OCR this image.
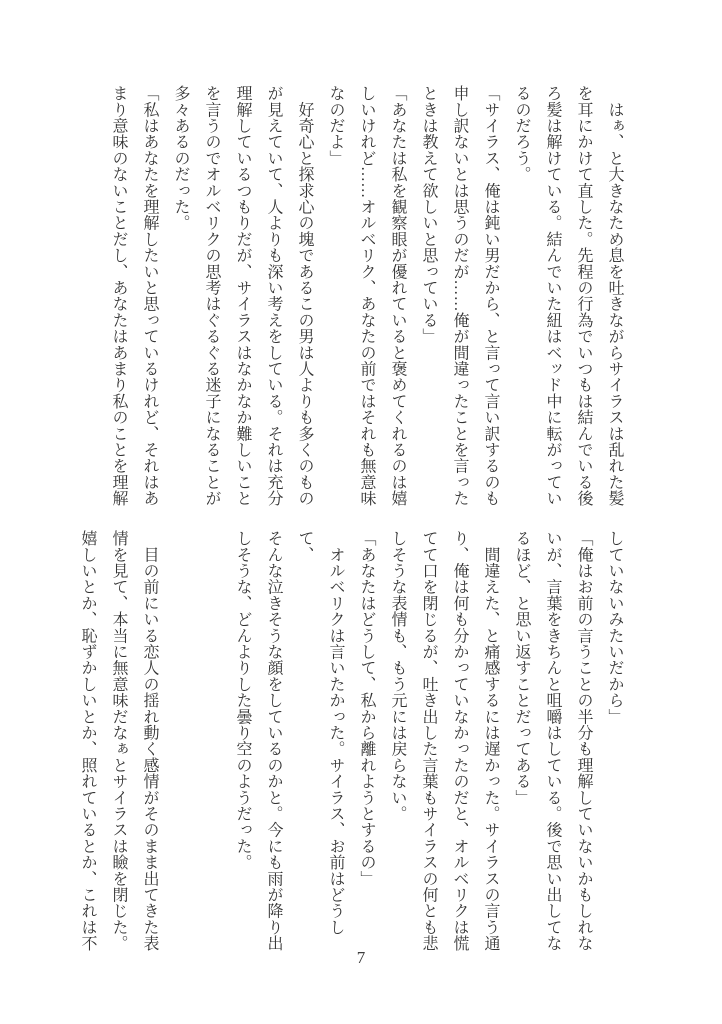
　はぁ、と大きなため息を吐きながらサイラスは乱れた髪
を耳にかけて直した。先程の行為でいつもは結んでいる後
ろ髪は解けている。結んでいた紐はベッド中に転がってい
るのだろう。
「サイラス、俺は鈍い男だから、と言って言い訳するのも
申し訳ないとは思うのだが……俺が間違ったことを言った
ときは教えて欲しいと思っている」
「あなたは私を観察眼が優れていると褒めてくれるのは嬉
しいけれど……オルベリク、あなたの前ではそれも無意味
なのだよ」
　好奇心と探求心の塊であるこの男は人よりも多くのもの
が見えていて、人よりも深い考えをしている。それは充分
理解しているつもりだが、サイラスはなかなか難しいこと
を言うのでオルベリクの思考はぐるぐる迷子になることが
多々あるのだった。
「私はあなたを理解したいと思っているけれど、それはあ
まり意味のないことだし、あなたはあまり私のことを理解
していないみたいだから」
「俺はお前の言うことの半分も理解していないかもしれな
いが、言葉をきちんと咀嚼はしている。後で思い出してな
るほど、と思い返すことだってある」
　間違えた、と痛感するには遅かった。サイラスの言う通
り、俺は何も分かっていなかったのだと、オルベリクは慌
てて口を閉じるが、吐き出した言葉もサイラスの何とも悲
しそうな表情も、もう元には戻らない。
「あなたはどうして、私から離れようとするの」
　オルベリクは言いたかった。サイラス、お前はどうして、
そんな泣きそうな顔をしているのかと。今にも雨が降り出
しそうな、どんよりした曇り空のようだった。

　目の前にいる恋人の揺れ動く感情がそのまま出てきた表
情を見て、本当に無意味だなぁとサイラスは瞼を閉じた。
嬉しいとか、恥ずかしいとか、照れているとか、これは不
7
